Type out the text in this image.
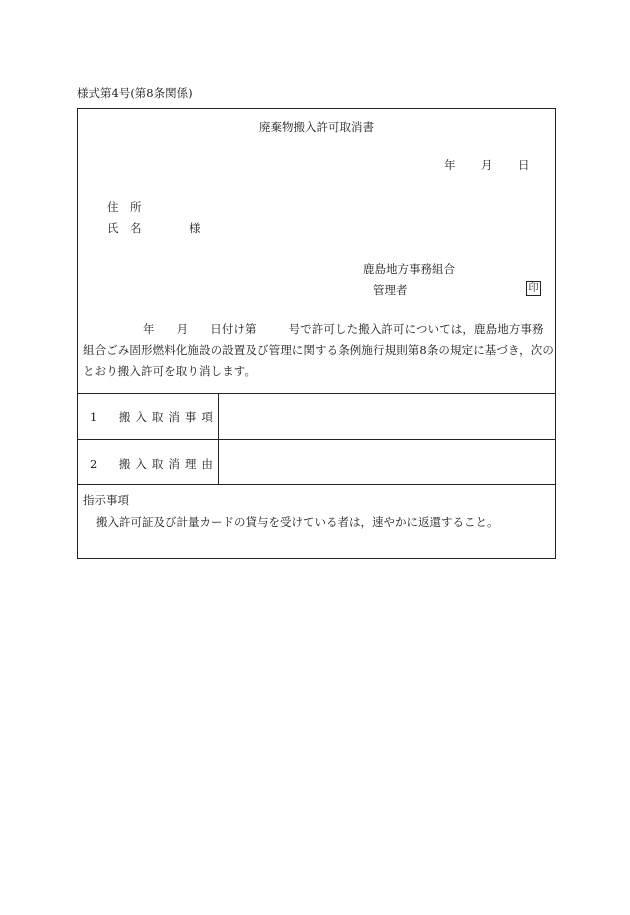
様式第4号(第8条関係)
廃棄物搬入許可取消書
年 月 日
住　所
氏　名	様
鹿島地方事務組合
管理者	印
年 月 日付け第	号で許可した搬入許可については，鹿島地方事務組合ごみ固形燃料化施設の設置及び管理に関する条例施行規則第8条の規定に基づき，次のとおり搬入許可を取り消します。
1　搬入取消事項
2　搬入取消理由
指示事項
搬入許可証及び計量カードの貸与を受けている者は，速やかに返還すること。
